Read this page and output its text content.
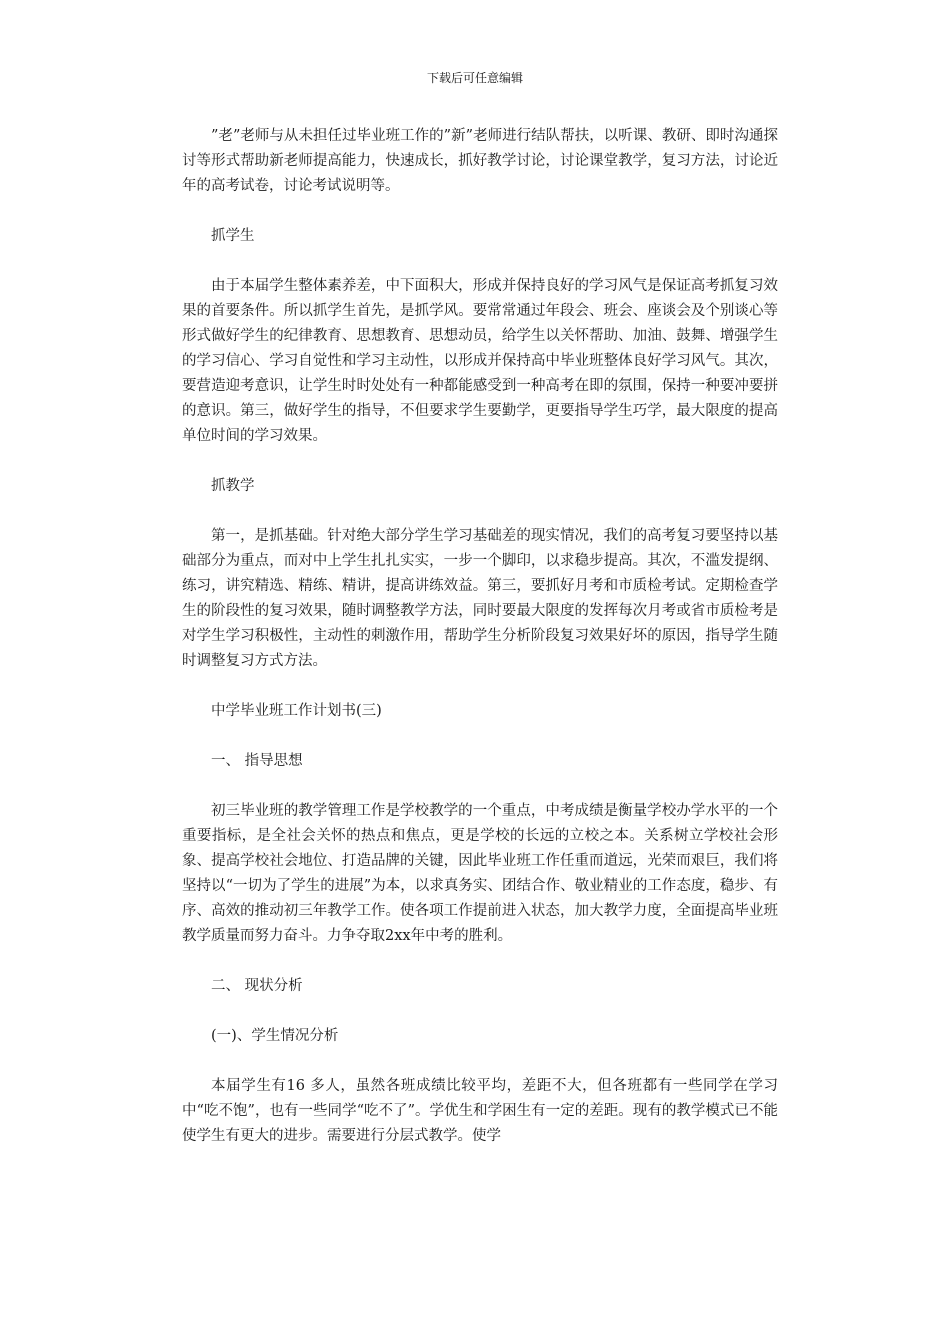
下载后可任意编辑

”老”老师与从未担任过毕业班工作的”新”老师进行结队帮扶，以听课、教研、即时沟通探讨等形式帮助新老师提高能力，快速成长，抓好教学讨论，讨论课堂教学，复习方法，讨论近年的高考试卷，讨论考试说明等。

抓学生

由于本届学生整体素养差，中下面积大，形成并保持良好的学习风气是保证高考抓复习效果的首要条件。所以抓学生首先，是抓学风。要常常通过年段会、班会、座谈会及个别谈心等形式做好学生的纪律教育、思想教育、思想动员，给学生以关怀帮助、加油、鼓舞、增强学生的学习信心、学习自觉性和学习主动性，以形成并保持高中毕业班整体良好学习风气。其次，要营造迎考意识，让学生时时处处有一种都能感受到一种高考在即的氛围，保持一种要冲要拼的意识。第三，做好学生的指导，不但要求学生要勤学，更要指导学生巧学，最大限度的提高单位时间的学习效果。

抓教学

第一，是抓基础。针对绝大部分学生学习基础差的现实情况，我们的高考复习要坚持以基础部分为重点，而对中上学生扎扎实实，一步一个脚印，以求稳步提高。其次，不滥发提纲、练习，讲究精选、精练、精讲，提高讲练效益。第三，要抓好月考和市质检考试。定期检查学生的阶段性的复习效果，随时调整教学方法，同时要最大限度的发挥每次月考或省市质检考是对学生学习积极性，主动性的刺激作用，帮助学生分析阶段复习效果好坏的原因，指导学生随时调整复习方式方法。

中学毕业班工作计划书(三)

一、 指导思想

初三毕业班的教学管理工作是学校教学的一个重点，中考成绩是衡量学校办学水平的一个重要指标，是全社会关怀的热点和焦点，更是学校的长远的立校之本。关系树立学校社会形象、提高学校社会地位、打造品牌的关键，因此毕业班工作任重而道远，光荣而艰巨，我们将坚持以“一切为了学生的进展”为本，以求真务实、团结合作、敬业精业的工作态度，稳步、有序、高效的推动初三年教学工作。使各项工作提前进入状态，加大教学力度，全面提高毕业班教学质量而努力奋斗。力争夺取2xx年中考的胜利。

二、 现状分析

(一)、学生情况分析

本届学生有16 多人，虽然各班成绩比较平均，差距不大，但各班都有一些同学在学习中“吃不饱”，也有一些同学“吃不了”。学优生和学困生有一定的差距。现有的教学模式已不能使学生有更大的进步。需要进行分层式教学。使学
